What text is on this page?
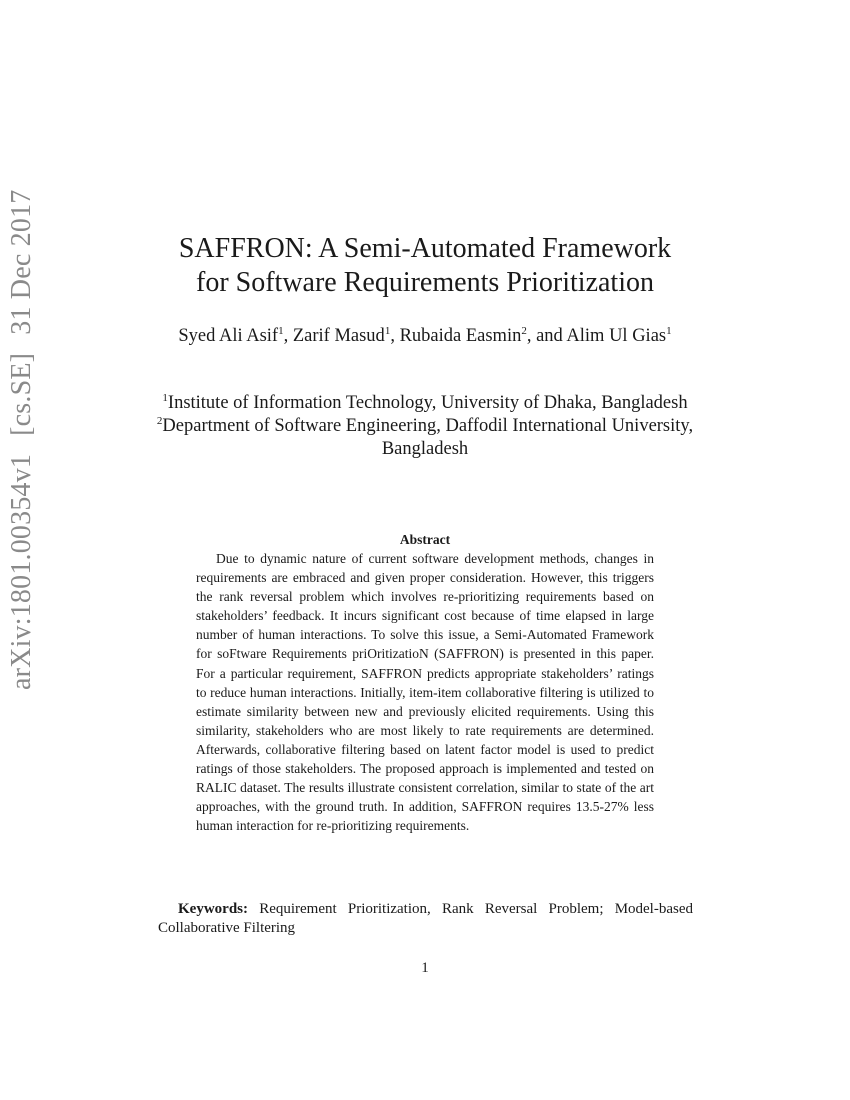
arXiv:1801.00354v1[cs.SE]31 Dec 2017	SAFFRON: A Semi-Automated Framework
for Software Requirements Prioritization
Syed Ali Asif$^1$, Zarif Masud$^1$, Rubaida Easmin$^2$, and Alim Ul Gias$^1$
$^1$Institute of Information Technology, University of Dhaka, Bangladesh
$^2$Department of Software Engineering, Daffodil International University, Bangladesh
Abstract
Due to dynamic nature of current software development methods, changes in requirements are embraced and given proper consideration. However, this triggers the rank reversal problem which involves re-prioritizing requirements based on stakeholders’ feedback. It incurs significant cost because of time elapsed in large number of human interactions. To solve this issue, a Semi-Automated Framework for soFtware Requirements priOritizatioN (SAFFRON) is presented in this paper. For a particular requirement, SAFFRON predicts appropriate stakeholders’ ratings to reduce human interactions. Initially, item-item collaborative filtering is utilized to estimate similarity between new and previously elicited requirements. Using this similarity, stakeholders who are most likely to rate requirements are determined. Afterwards, collaborative filtering based on latent factor model is used to predict ratings of those stakeholders. The proposed approach is implemented and tested on RALIC dataset. The results illustrate consistent correlation, similar to state of the art approaches, with the ground truth. In addition, SAFFRON requires 13.5-27% less human interaction for re-prioritizing requirements.
Keywords: Requirement Prioritization, Rank Reversal Problem; Model-based Collaborative Filtering
1
